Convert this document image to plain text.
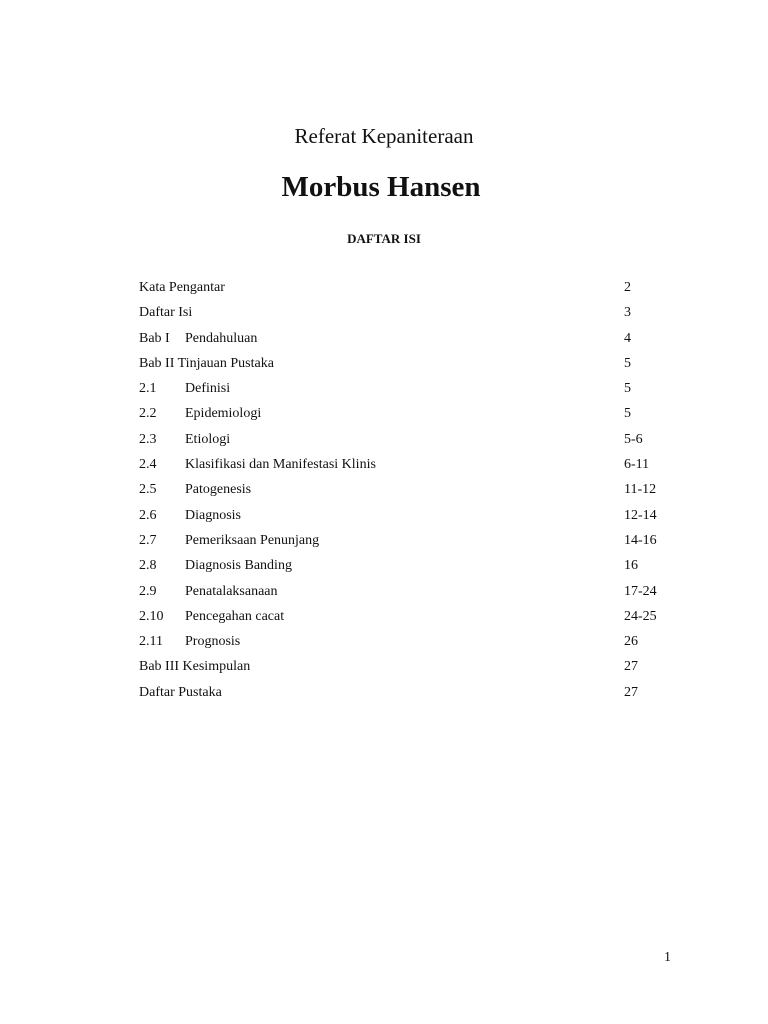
Referat Kepaniteraan
Morbus Hansen
DAFTAR ISI
Kata Pengantar	2
Daftar Isi	3
Bab I Pendahuluan	4
Bab II Tinjauan Pustaka	5
2.1 Definisi	5
2.2 Epidemiologi	5
2.3 Etiologi	5-6
2.4 Klasifikasi dan Manifestasi Klinis	6-11
2.5 Patogenesis	11-12
2.6 Diagnosis	12-14
2.7 Pemeriksaan Penunjang	14-16
2.8 Diagnosis Banding	16
2.9 Penatalaksanaan	17-24
2.10 Pencegahan cacat	24-25
2.11 Prognosis	26
Bab III Kesimpulan	27
Daftar Pustaka	27
1
